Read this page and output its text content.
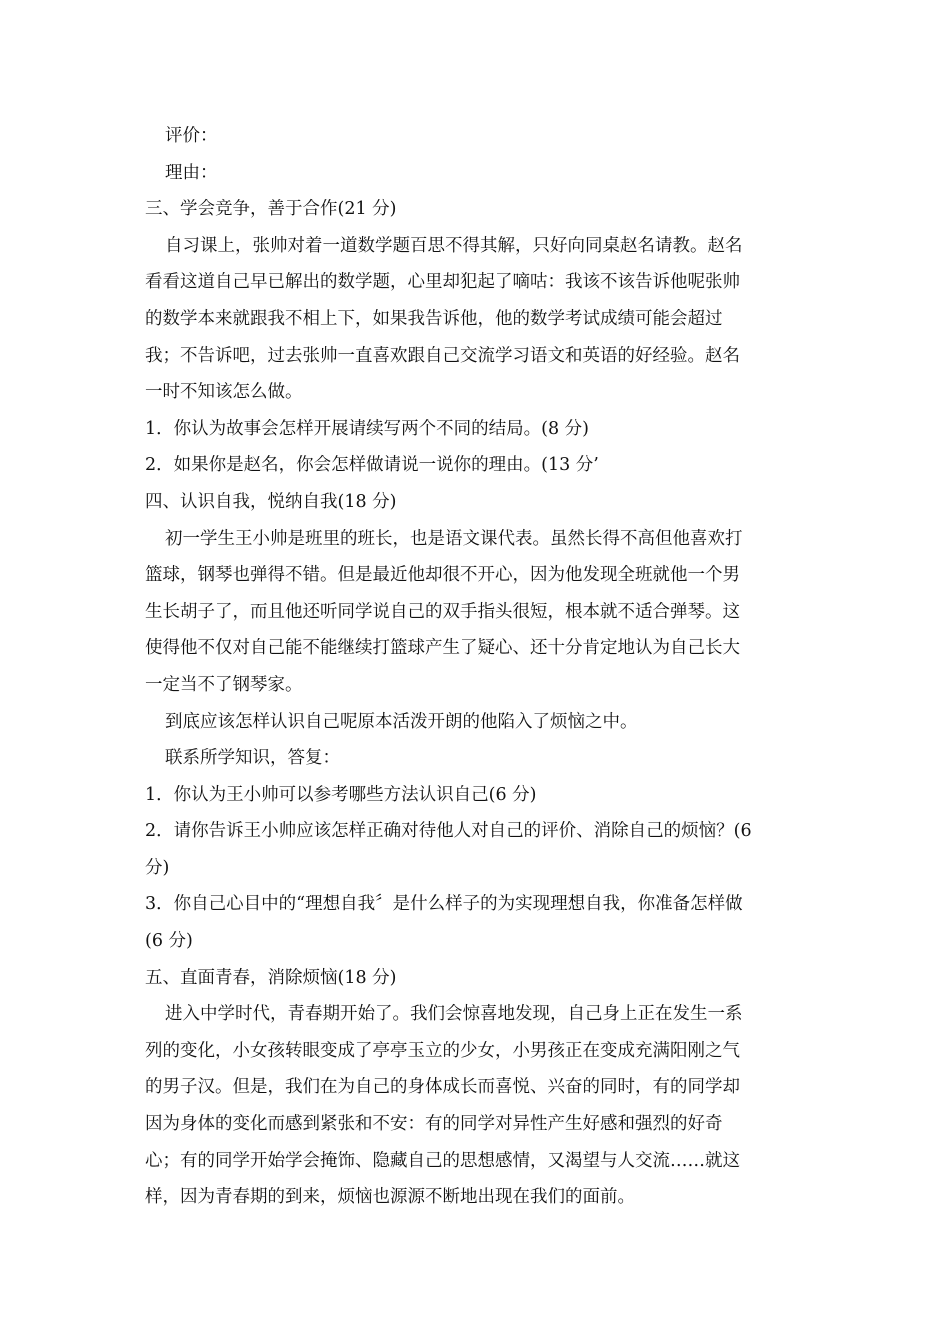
评价：
理由：
三、学会竞争，善于合作(21 分)
自习课上，张帅对着一道数学题百思不得其解，只好向同桌赵名请教。赵名
看看这道自己早已解出的数学题，心里却犯起了嘀咕：我该不该告诉他呢张帅
的数学本来就跟我不相上下，如果我告诉他，他的数学考试成绩可能会超过
我；不告诉吧，过去张帅一直喜欢跟自己交流学习语文和英语的好经验。赵名
一时不知该怎么做。
1．你认为故事会怎样开展请续写两个不同的结局。(8 分)
2．如果你是赵名，你会怎样做请说一说你的理由。(13 分’
四、认识自我，悦纳自我(18 分)
初一学生王小帅是班里的班长，也是语文课代表。虽然长得不高但他喜欢打
篮球，钢琴也弹得不错。但是最近他却很不开心，因为他发现全班就他一个男
生长胡子了，而且他还听同学说自己的双手指头很短，根本就不适合弹琴。这
使得他不仅对自己能不能继续打篮球产生了疑心、还十分肯定地认为自己长大
一定当不了钢琴家。
到底应该怎样认识自己呢原本活泼开朗的他陷入了烦恼之中。
联系所学知识，答复：
1．你认为王小帅可以参考哪些方法认识自己(6 分)
2．请你告诉王小帅应该怎样正确对待他人对自己的评价、消除自己的烦恼？(6
分)
3．你自己心目中的“理想自我〞是什么样子的为实现理想自我，你准备怎样做
(6 分)
五、直面青春，消除烦恼(18 分)
进入中学时代，青春期开始了。我们会惊喜地发现，自己身上正在发生一系
列的变化，小女孩转眼变成了亭亭玉立的少女，小男孩正在变成充满阳刚之气
的男子汉。但是，我们在为自己的身体成长而喜悦、兴奋的同时，有的同学却
因为身体的变化而感到紧张和不安：有的同学对异性产生好感和强烈的好奇
心；有的同学开始学会掩饰、隐藏自己的思想感情，又渴望与人交流……就这
样，因为青春期的到来，烦恼也源源不断地出现在我们的面前。
